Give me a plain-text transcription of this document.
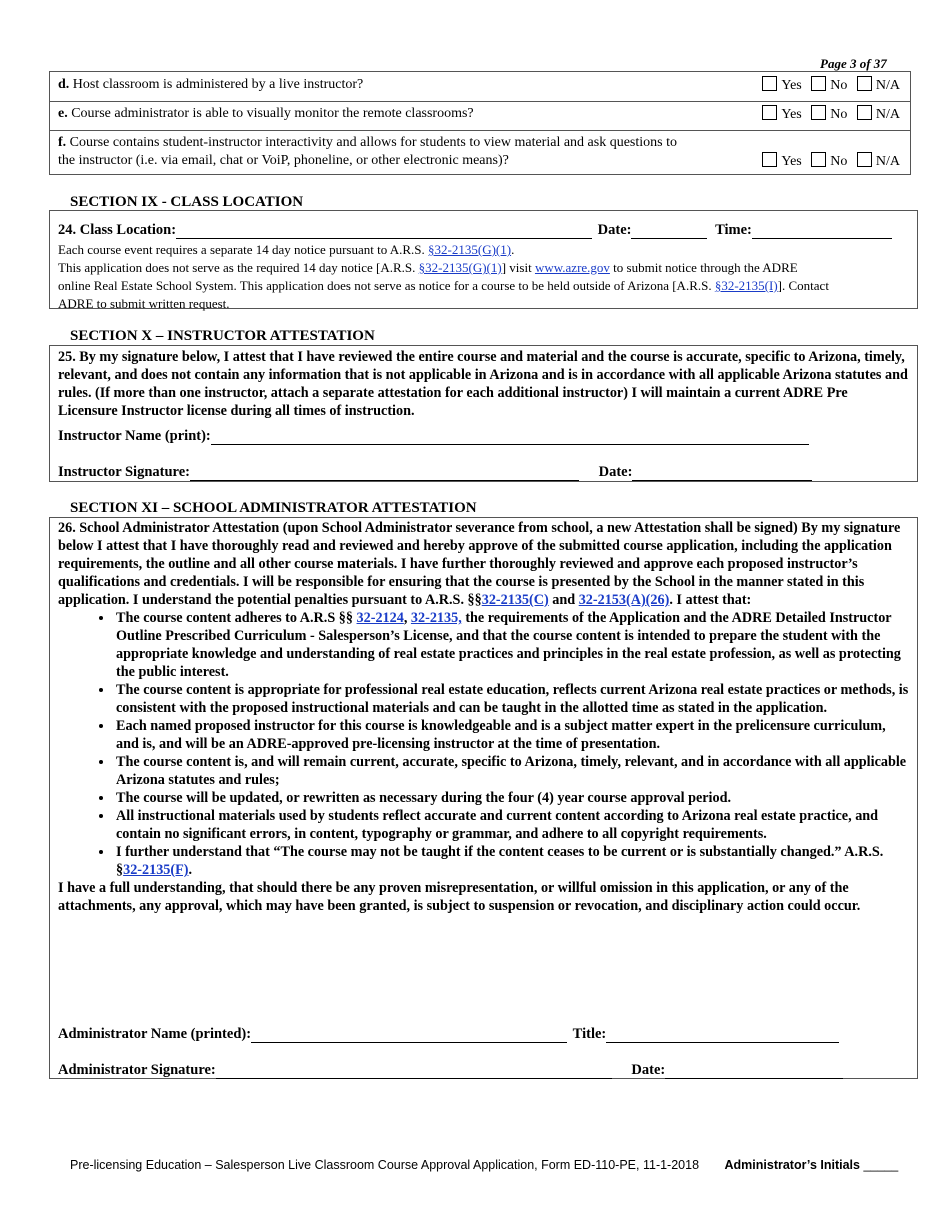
Page 3 of 37
d. Host classroom is administered by a live instructor?	Yes No N/A
e. Course administrator is able to visually monitor the remote classrooms?	Yes No N/A
f. Course contains student-instructor interactivity and allows for students to view material and ask questions to
the instructor (i.e. via email, chat or VoiP, phoneline, or other electronic means)?	Yes No N/A
SECTION IX - CLASS LOCATION
24. Class Location:	Date:	Time:
Each course event requires a separate 14 day notice pursuant to A.R.S. §32-2135(G)(1).
This application does not serve as the required 14 day notice [A.R.S. §32-2135(G)(1)] visit www.azre.gov to submit notice through the ADRE
online Real Estate School System. This application does not serve as notice for a course to be held outside of Arizona [A.R.S. §32-2135(I)]. Contact
ADRE to submit written request.
SECTION X – INSTRUCTOR ATTESTATION
25. By my signature below, I attest that I have reviewed the entire course and material and the course is accurate, specific to Arizona, timely, relevant, and does not contain any information that is not applicable in Arizona and is in accordance with all applicable Arizona statutes and rules. (If more than one instructor, attach a separate attestation for each additional instructor) I will maintain a current ADRE Pre Licensure Instructor license during all times of instruction.
Instructor Name (print):
Instructor Signature:	Date:
SECTION XI – SCHOOL ADMINISTRATOR ATTESTATION
26. School Administrator Attestation (upon School Administrator severance from school, a new Attestation shall be signed) By my signature below I attest that I have thoroughly read and reviewed and hereby approve of the submitted course application, including the application requirements, the outline and all other course materials. I have further thoroughly reviewed and approve each proposed instructor’s qualifications and credentials. I will be responsible for ensuring that the course is presented by the School in the manner stated in this application. I understand the potential penalties pursuant to A.R.S. §§32-2135(C) and 32-2153(A)(26). I attest that:
• The course content adheres to A.R.S §§ 32-2124, 32-2135, the requirements of the Application and the ADRE Detailed Instructor Outline Prescribed Curriculum - Salesperson’s License, and that the course content is intended to prepare the student with the appropriate knowledge and understanding of real estate practices and principles in the real estate profession, as well as protecting the public interest.
• The course content is appropriate for professional real estate education, reflects current Arizona real estate practices or methods, is consistent with the proposed instructional materials and can be taught in the allotted time as stated in the application.
• Each named proposed instructor for this course is knowledgeable and is a subject matter expert in the prelicensure curriculum, and is, and will be an ADRE-approved pre-licensing instructor at the time of presentation.
• The course content is, and will remain current, accurate, specific to Arizona, timely, relevant, and in accordance with all applicable Arizona statutes and rules;
• The course will be updated, or rewritten as necessary during the four (4) year course approval period.
• All instructional materials used by students reflect accurate and current content according to Arizona real estate practice, and contain no significant errors, in content, typography or grammar, and adhere to all copyright requirements.
• I further understand that “The course may not be taught if the content ceases to be current or is substantially changed.” A.R.S. §32-2135(F).
I have a full understanding, that should there be any proven misrepresentation, or willful omission in this application, or any of the attachments, any approval, which may have been granted, is subject to suspension or revocation, and disciplinary action could occur.
Administrator Name (printed):	Title:
Administrator Signature:	Date:
Pre-licensing Education – Salesperson Live Classroom Course Approval Application, Form ED-110-PE, 11-1-2018 Administrator’s Initials _____
